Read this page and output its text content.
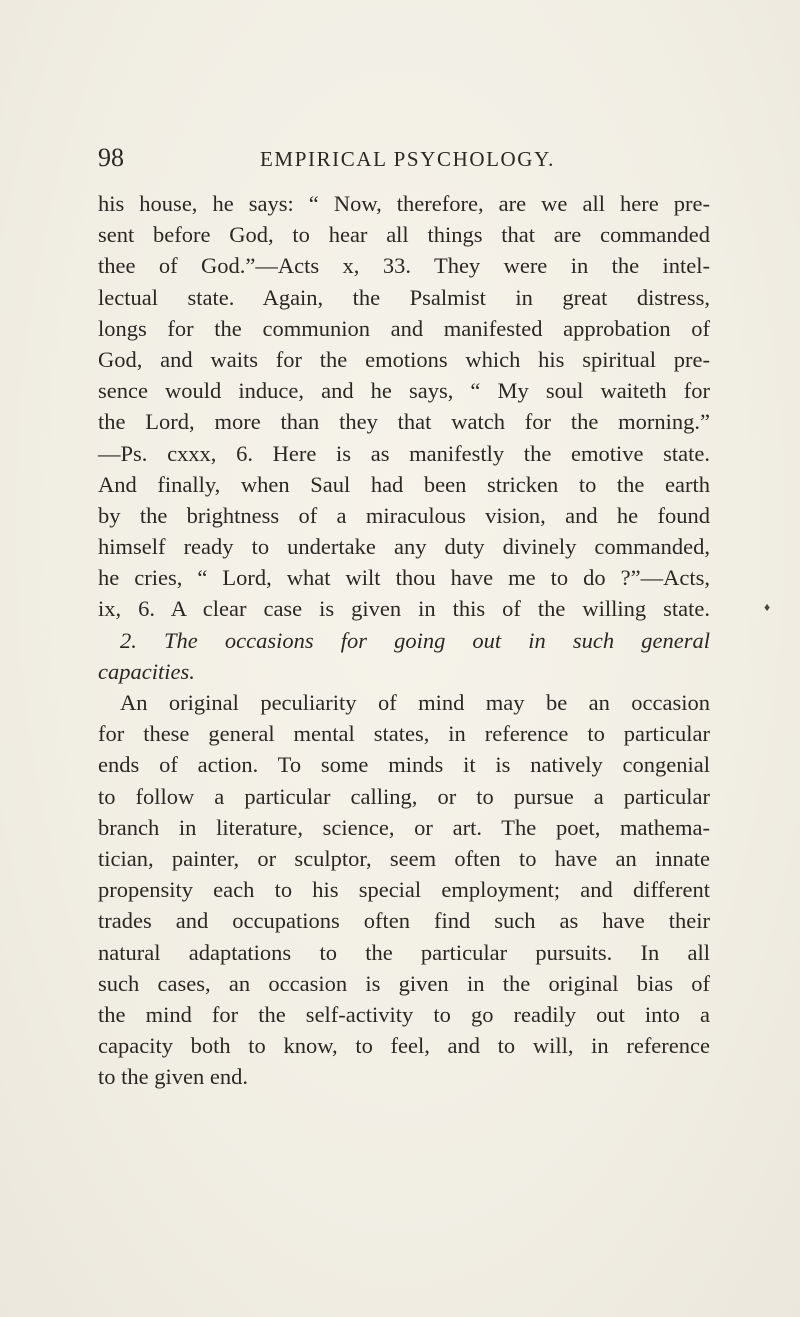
98	EMPIRICAL PSYCHOLOGY.
his house, he says: “ Now, therefore, are we all here pre-
sent before God, to hear all things that are commanded
thee of God.”—Acts x, 33. They were in the intel-
lectual state. Again, the Psalmist in great distress,
longs for the communion and manifested approbation of
God, and waits for the emotions which his spiritual pre-
sence would induce, and he says, “ My soul waiteth for
the Lord, more than they that watch for the morning.”
—Ps. cxxx, 6. Here is as manifestly the emotive state.
And finally, when Saul had been stricken to the earth
by the brightness of a miraculous vision, and he found
himself ready to undertake any duty divinely commanded,
he cries, “ Lord, what wilt thou have me to do ?”—Acts,
ix, 6. A clear case is given in this of the willing state.
2. The occasions for going out in such general
capacities.
An original peculiarity of mind may be an occasion
for these general mental states, in reference to particular
ends of action. To some minds it is natively congenial
to follow a particular calling, or to pursue a particular
branch in literature, science, or art. The poet, mathema-
tician, painter, or sculptor, seem often to have an innate
propensity each to his special employment; and different
trades and occupations often find such as have their
natural adaptations to the particular pursuits. In all
such cases, an occasion is given in the original bias of
the mind for the self-activity to go readily out into a
capacity both to know, to feel, and to will, in reference
to the given end.
♦
